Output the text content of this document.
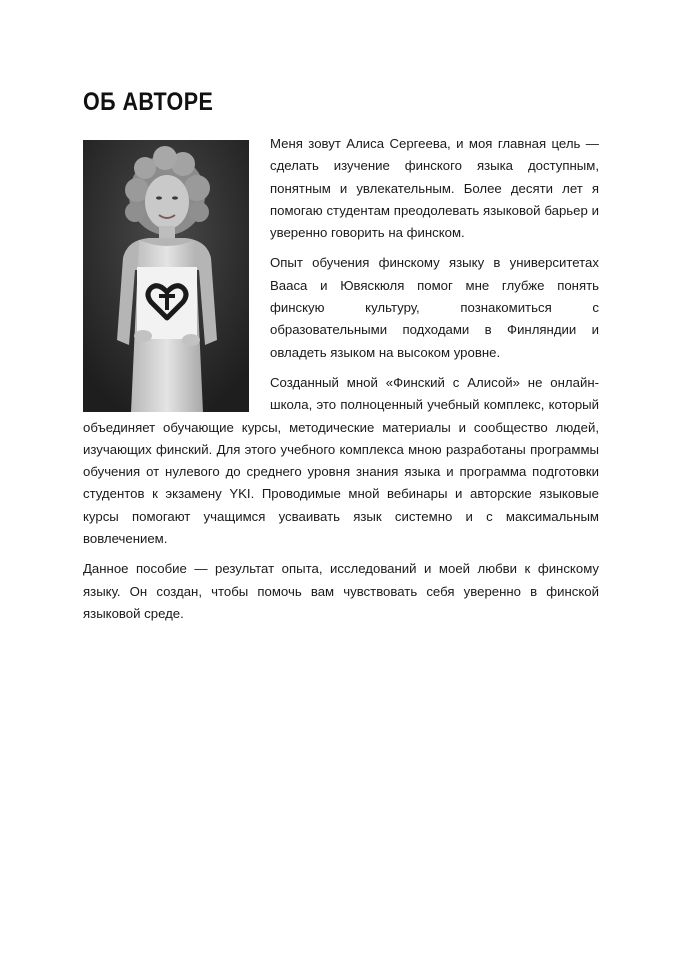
ОБ АВТОРЕ

Меня зовут Алиса Сергеева, и моя главная цель — сделать изучение финского языка доступным, понятным и увлекательным. Более десяти лет я помогаю студентам преодолевать языковой барьер и уверенно говорить на финском.

Опыт обучения финскому языку в университетах Вааса и Ювяскюля помог мне глубже понять финскую культуру, познакомиться с образовательными подходами в Финляндии и овладеть языком на высоком уровне.

Созданный мной «Финский с Алисой» не онлайн-школа, это полноценный учебный комплекс, который объединяет обучающие курсы, методические материалы и сообщество людей, изучающих финский. Для этого учебного комплекса мною разработаны программы обучения от нулевого до среднего уровня знания языка и программа подготовки студентов к экзамену YKI. Проводимые мной вебинары и авторские языковые курсы помогают учащимся усваивать язык системно и с максимальным вовлечением.

Данное пособие — результат опыта, исследований и моей любви к финскому языку. Он создан, чтобы помочь вам чувствовать себя уверенно в финской языковой среде.
